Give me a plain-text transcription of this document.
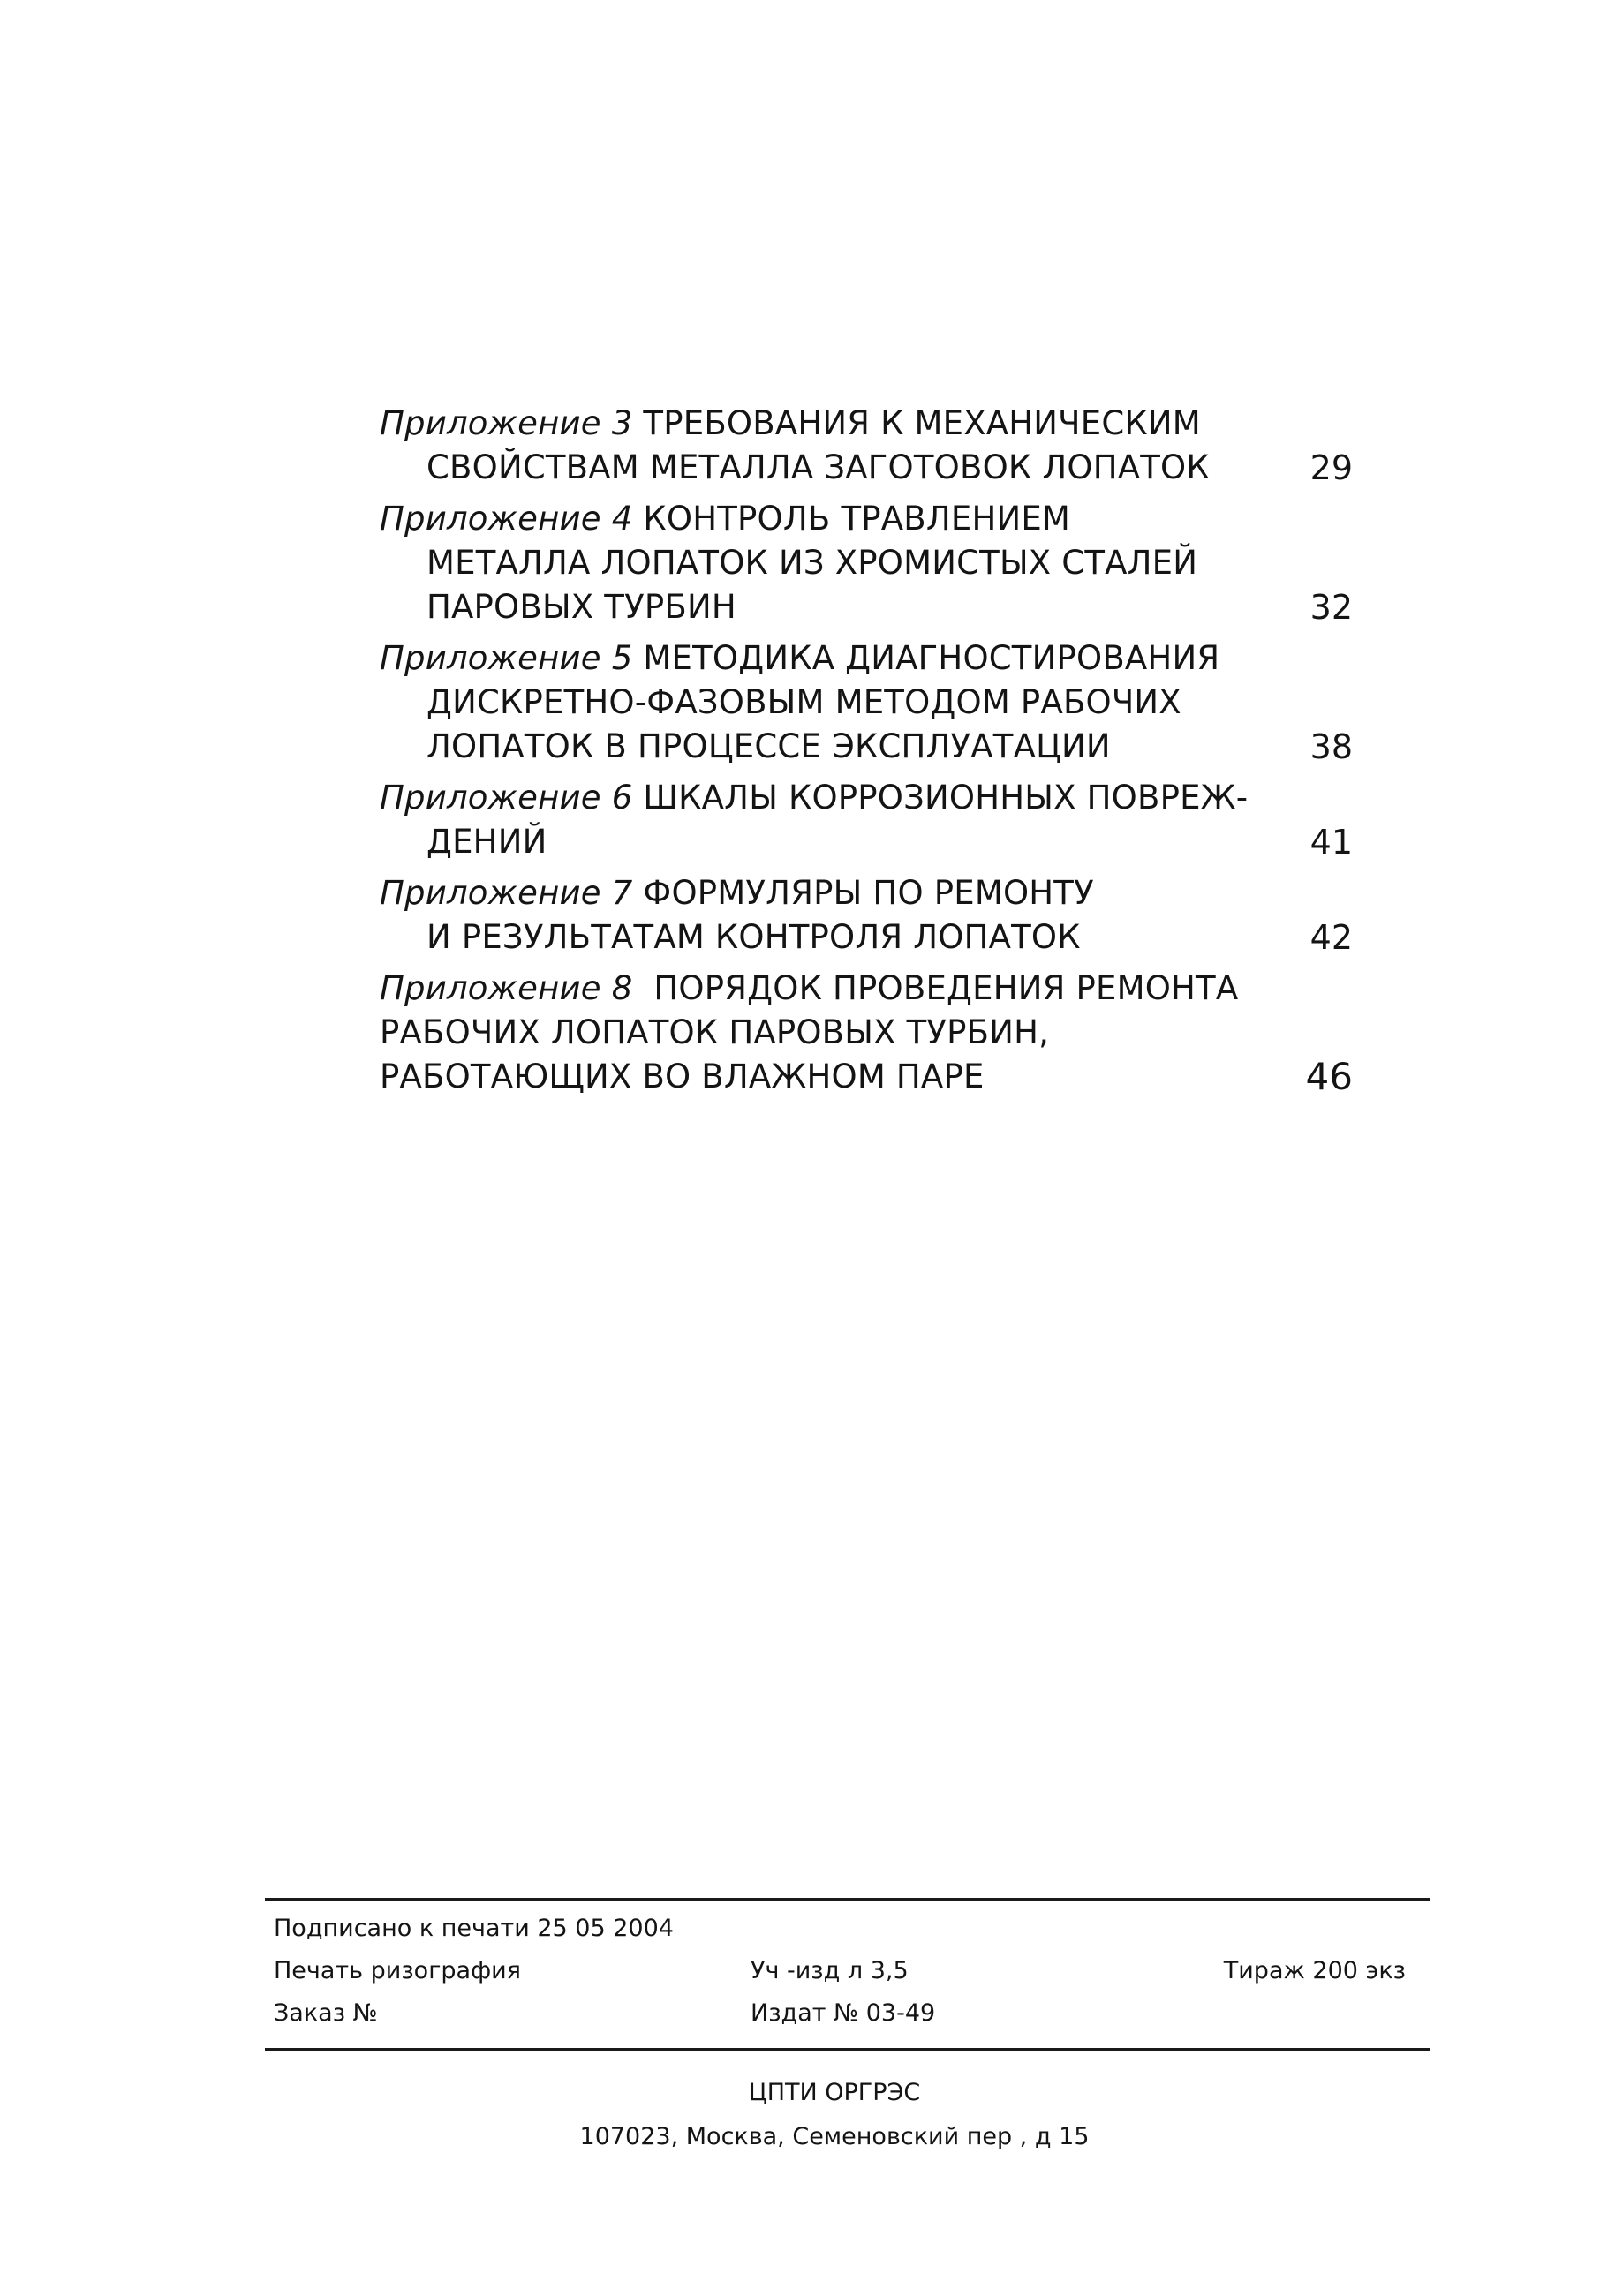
Приложение 3 ТРЕБОВАНИЯ К МЕХАНИЧЕСКИМ
СВОЙСТВАМ МЕТАЛЛА ЗАГОТОВОК ЛОПАТОК	29
Приложение 4 КОНТРОЛЬ ТРАВЛЕНИЕМ
МЕТАЛЛА ЛОПАТОК ИЗ ХРОМИСТЫХ СТАЛЕЙ
ПАРОВЫХ ТУРБИН	32
Приложение 5 МЕТОДИКА ДИАГНОСТИРОВАНИЯ
ДИСКРЕТНО-ФАЗОВЫМ МЕТОДОМ РАБОЧИХ
ЛОПАТОК В ПРОЦЕССЕ ЭКСПЛУАТАЦИИ	38
Приложение 6 ШКАЛЫ КОРРОЗИОННЫХ ПОВРЕЖ-
ДЕНИЙ	41
Приложение 7 ФОРМУЛЯРЫ ПО РЕМОНТУ
И РЕЗУЛЬТАТАМ КОНТРОЛЯ ЛОПАТОК	42
Приложение 8 ПОРЯДОК ПРОВЕДЕНИЯ РЕМОНТА
РАБОЧИХ ЛОПАТОК ПАРОВЫХ ТУРБИН,
РАБОТАЮЩИХ ВО ВЛАЖНОМ ПАРЕ	46
Подписано к печати 25 05 2004
Печать ризография
Заказ №
Уч -изд л 3,5
Издат № 03-49
Тираж 200 экз
ЦПТИ ОРГРЭС
107023, Москва, Семеновский пер , д 15
